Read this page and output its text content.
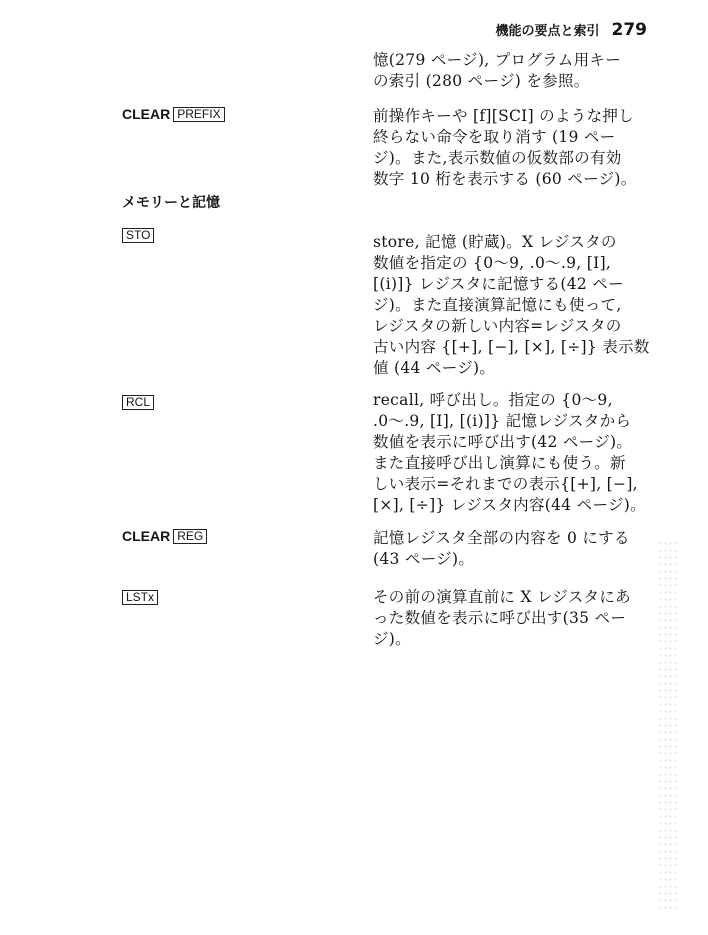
機能の要点と索引 279
憶(279 ページ), プログラム用キー
の索引 (280 ページ) を参照。
CLEAR PREFIX	前操作キーや [f][SCI] のような押し
終らない命令を取り消す (19 ペー
ジ)。また,表示数値の仮数部の有効
数字 10 桁を表示する (60 ページ)。
メモリーと記憶
STO	store, 記憶 (貯蔵)。X レジスタの
数値を指定の {0〜9, .0〜.9, [I],
[(i)]} レジスタに記憶する(42 ペー
ジ)。また直接演算記憶にも使って,
レジスタの新しい内容=レジスタの
古い内容 {[+], [−], [×], [÷]} 表示数
値 (44 ページ)。
RCL	recall, 呼び出し。指定の {0〜9,
.0〜.9, [I], [(i)]} 記憶レジスタから
数値を表示に呼び出す(42 ページ)。
また直接呼び出し演算にも使う。新
しい表示=それまでの表示{[+], [−],
[×], [÷]} レジスタ内容(44 ページ)。
CLEAR REG	記憶レジスタ全部の内容を 0 にする
(43 ページ)。
LSTx	その前の演算直前に X レジスタにあ
った数値を表示に呼び出す(35 ペー
ジ)。
